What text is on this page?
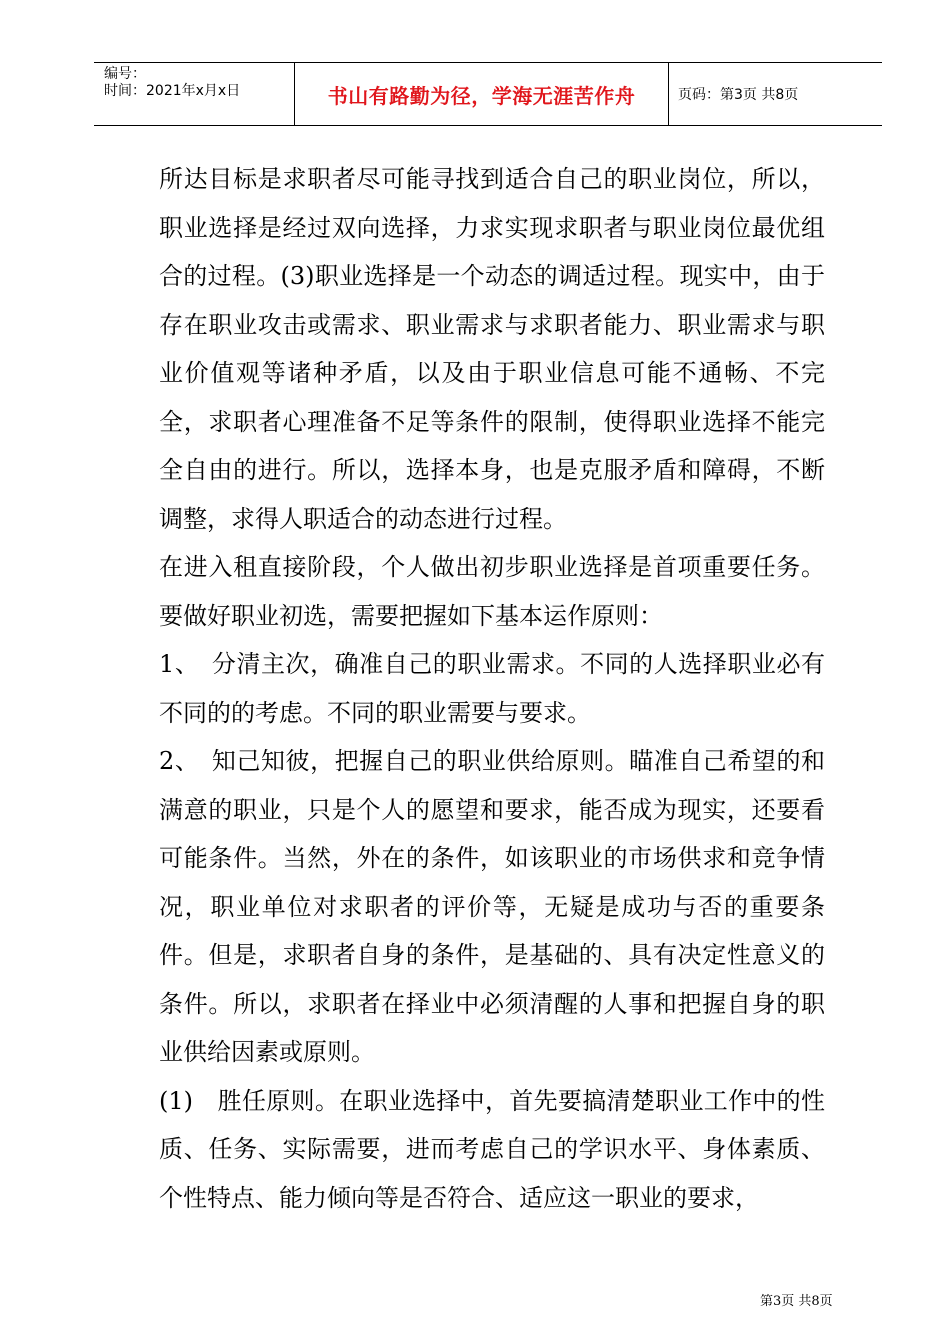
编号：
时间：2021年x月x日	书山有路勤为径，学海无涯苦作舟	页码：第3页 共8页

所达目标是求职者尽可能寻找到适合自己的职业岗位，所以，职业选择是经过双向选择，力求实现求职者与职业岗位最优组合的过程。(3)职业选择是一个动态的调适过程。现实中，由于存在职业攻击或需求、职业需求与求职者能力、职业需求与职业价值观等诸种矛盾，以及由于职业信息可能不通畅、不完全，求职者心理准备不足等条件的限制，使得职业选择不能完全自由的进行。所以，选择本身，也是克服矛盾和障碍，不断调整，求得人职适合的动态进行过程。

在进入租直接阶段，个人做出初步职业选择是首项重要任务。要做好职业初选，需要把握如下基本运作原则：

1、　分清主次，确准自己的职业需求。不同的人选择职业必有不同的的考虑。不同的职业需要与要求。

2、　知己知彼，把握自己的职业供给原则。瞄准自己希望的和满意的职业，只是个人的愿望和要求，能否成为现实，还要看可能条件。当然，外在的条件，如该职业的市场供求和竞争情况，职业单位对求职者的评价等，无疑是成功与否的重要条件。但是，求职者自身的条件，是基础的、具有决定性意义的条件。所以，求职者在择业中必须清醒的人事和把握自身的职业供给因素或原则。

(1)　胜任原则。在职业选择中，首先要搞清楚职业工作中的性质、任务、实际需要，进而考虑自己的学识水平、身体素质、个性特点、能力倾向等是否符合、适应这一职业的要求，

第3页 共8页
